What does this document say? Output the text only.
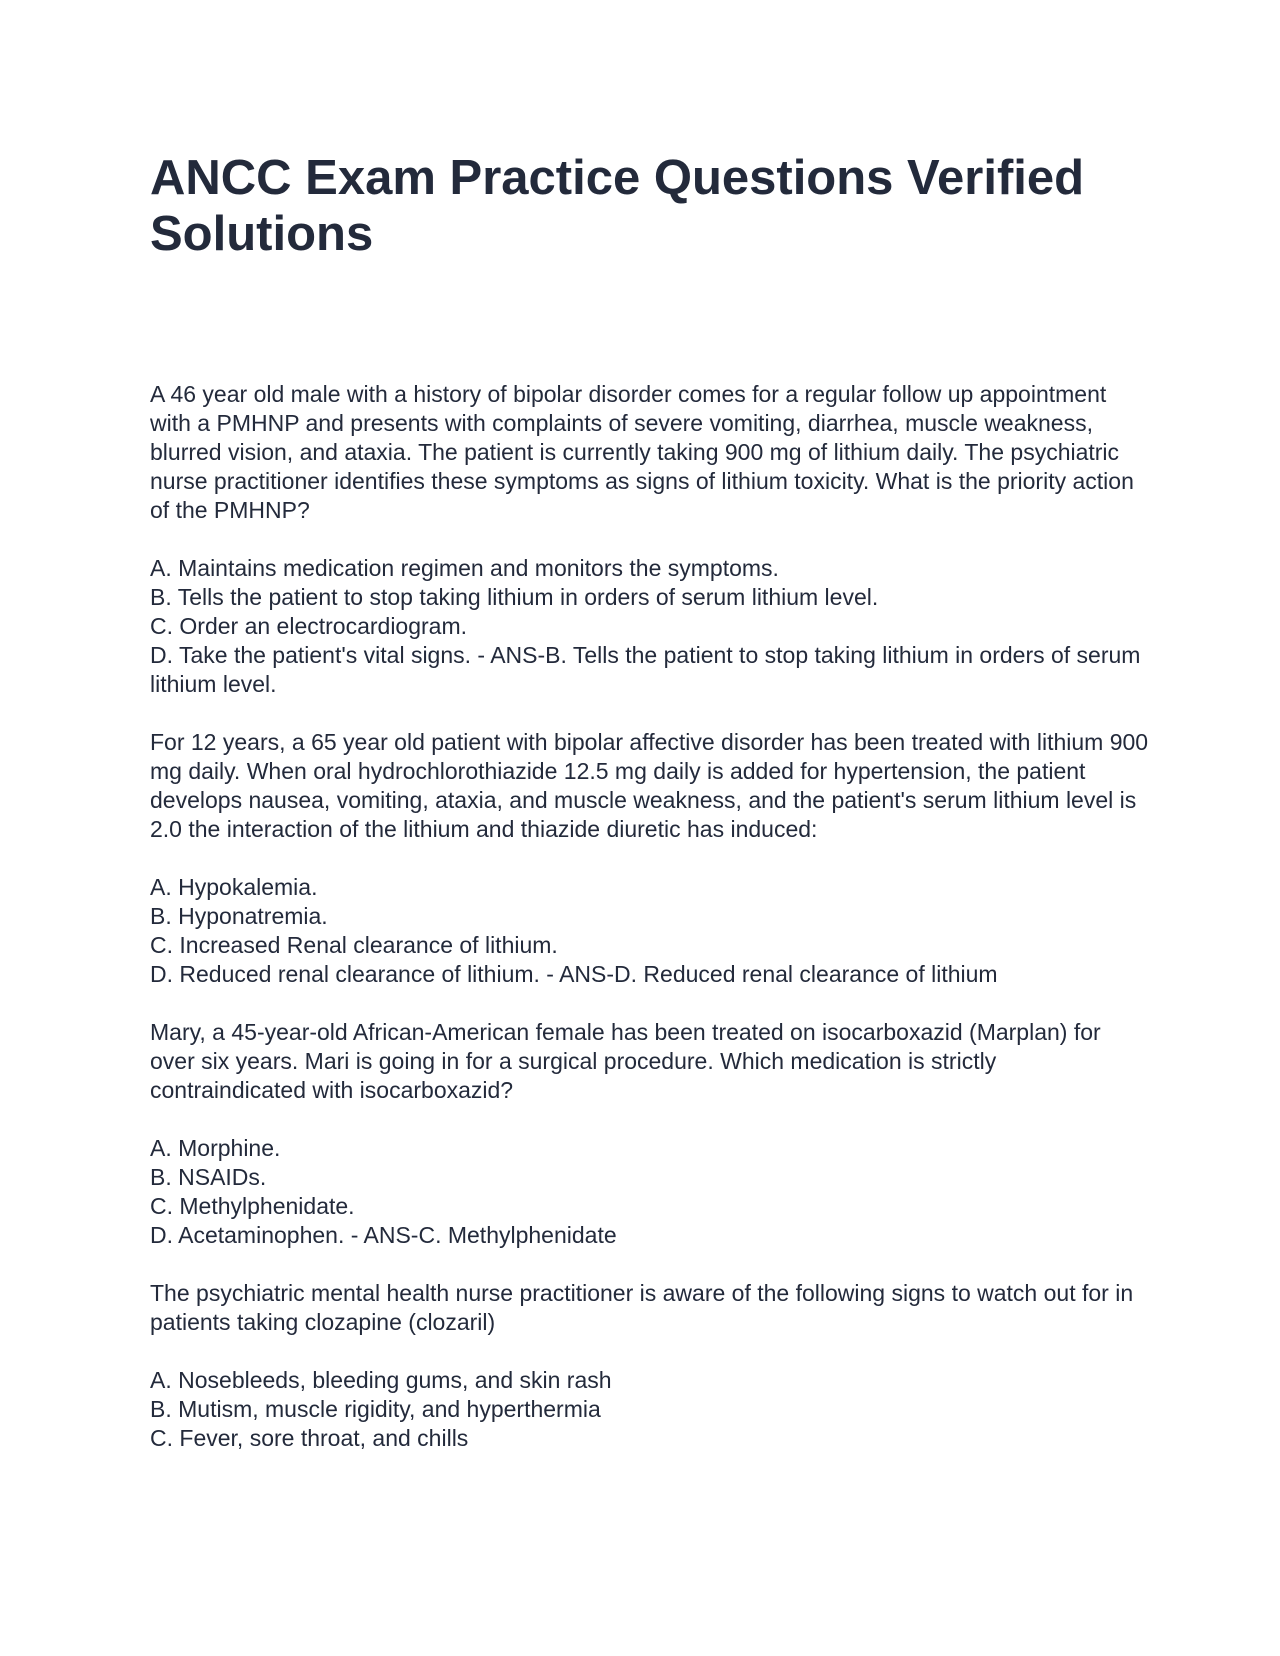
ANCC Exam Practice Questions Verified Solutions

A 46 year old male with a history of bipolar disorder comes for a regular follow up appointment with a PMHNP and presents with complaints of severe vomiting, diarrhea, muscle weakness, blurred vision, and ataxia. The patient is currently taking 900 mg of lithium daily. The psychiatric nurse practitioner identifies these symptoms as signs of lithium toxicity. What is the priority action of the PMHNP?

A. Maintains medication regimen and monitors the symptoms.
B. Tells the patient to stop taking lithium in orders of serum lithium level.
C. Order an electrocardiogram.
D. Take the patient's vital signs. - ANS-B. Tells the patient to stop taking lithium in orders of serum lithium level.

For 12 years, a 65 year old patient with bipolar affective disorder has been treated with lithium 900 mg daily. When oral hydrochlorothiazide 12.5 mg daily is added for hypertension, the patient develops nausea, vomiting, ataxia, and muscle weakness, and the patient's serum lithium level is 2.0 the interaction of the lithium and thiazide diuretic has induced:

A. Hypokalemia.
B. Hyponatremia.
C. Increased Renal clearance of lithium.
D. Reduced renal clearance of lithium. - ANS-D. Reduced renal clearance of lithium

Mary, a 45-year-old African-American female has been treated on isocarboxazid (Marplan) for over six years. Mari is going in for a surgical procedure. Which medication is strictly contraindicated with isocarboxazid?

A. Morphine.
B. NSAIDs.
C. Methylphenidate.
D. Acetaminophen. - ANS-C. Methylphenidate

The psychiatric mental health nurse practitioner is aware of the following signs to watch out for in patients taking clozapine (clozaril)

A. Nosebleeds, bleeding gums, and skin rash
B. Mutism, muscle rigidity, and hyperthermia
C. Fever, sore throat, and chills
